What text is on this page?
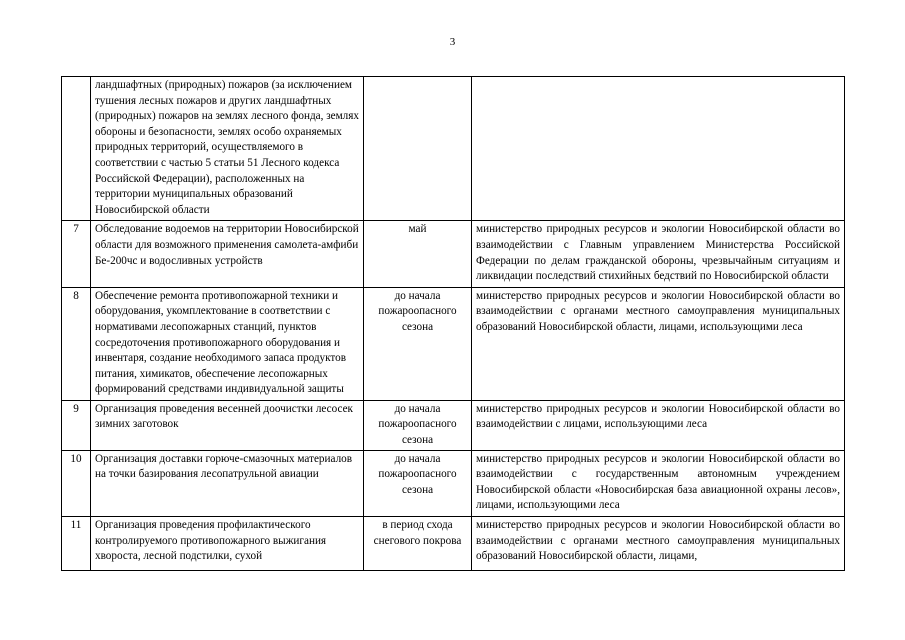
3
	ландшафтных (природных) пожаров (за исключением тушения лесных пожаров и других ландшафтных (природных) пожаров на землях лесного фонда, землях обороны и безопасности, землях особо охраняемых природных территорий, осуществляемого в соответствии с частью 5 статьи 51 Лесного кодекса Российской Федерации), расположенных на территории муниципальных образований Новосибирской области		
7	Обследование водоемов на территории Новосибирской области для возможного применения самолета-амфиби Бе-200чс и водосливных устройств	май	министерство природных ресурсов и экологии Новосибирской области во взаимодействии с Главным управлением Министерства Российской Федерации по делам гражданской обороны, чрезвычайным ситуациям и ликвидации последствий стихийных бедствий по Новосибирской области
8	Обеспечение ремонта противопожарной техники и оборудования, укомплектование в соответствии с нормативами лесопожарных станций, пунктов сосредоточения противопожарного оборудования и инвентаря, создание необходимого запаса продуктов питания, химикатов, обеспечение лесопожарных формирований средствами индивидуальной защиты	до начала пожароопасного сезона	министерство природных ресурсов и экологии Новосибирской области во взаимодействии с органами местного самоуправления муниципальных образований Новосибирской области, лицами, использующими леса
9	Организация проведения весенней доочистки лесосек зимних заготовок	до начала пожароопасного сезона	министерство природных ресурсов и экологии Новосибирской области во взаимодействии с лицами, использующими леса
10	Организация доставки горюче-смазочных материалов на точки базирования лесопатрульной авиации	до начала пожароопасного сезона	министерство природных ресурсов и экологии Новосибирской области во взаимодействии с государственным автономным учреждением Новосибирской области «Новосибирская база авиационной охраны лесов», лицами, использующими леса
11	Организация проведения профилактического контролируемого противопожарного выжигания хвороста, лесной подстилки, сухой	в период схода снегового покрова	министерство природных ресурсов и экологии Новосибирской области во взаимодействии с органами местного самоуправления муниципальных образований Новосибирской области, лицами,
